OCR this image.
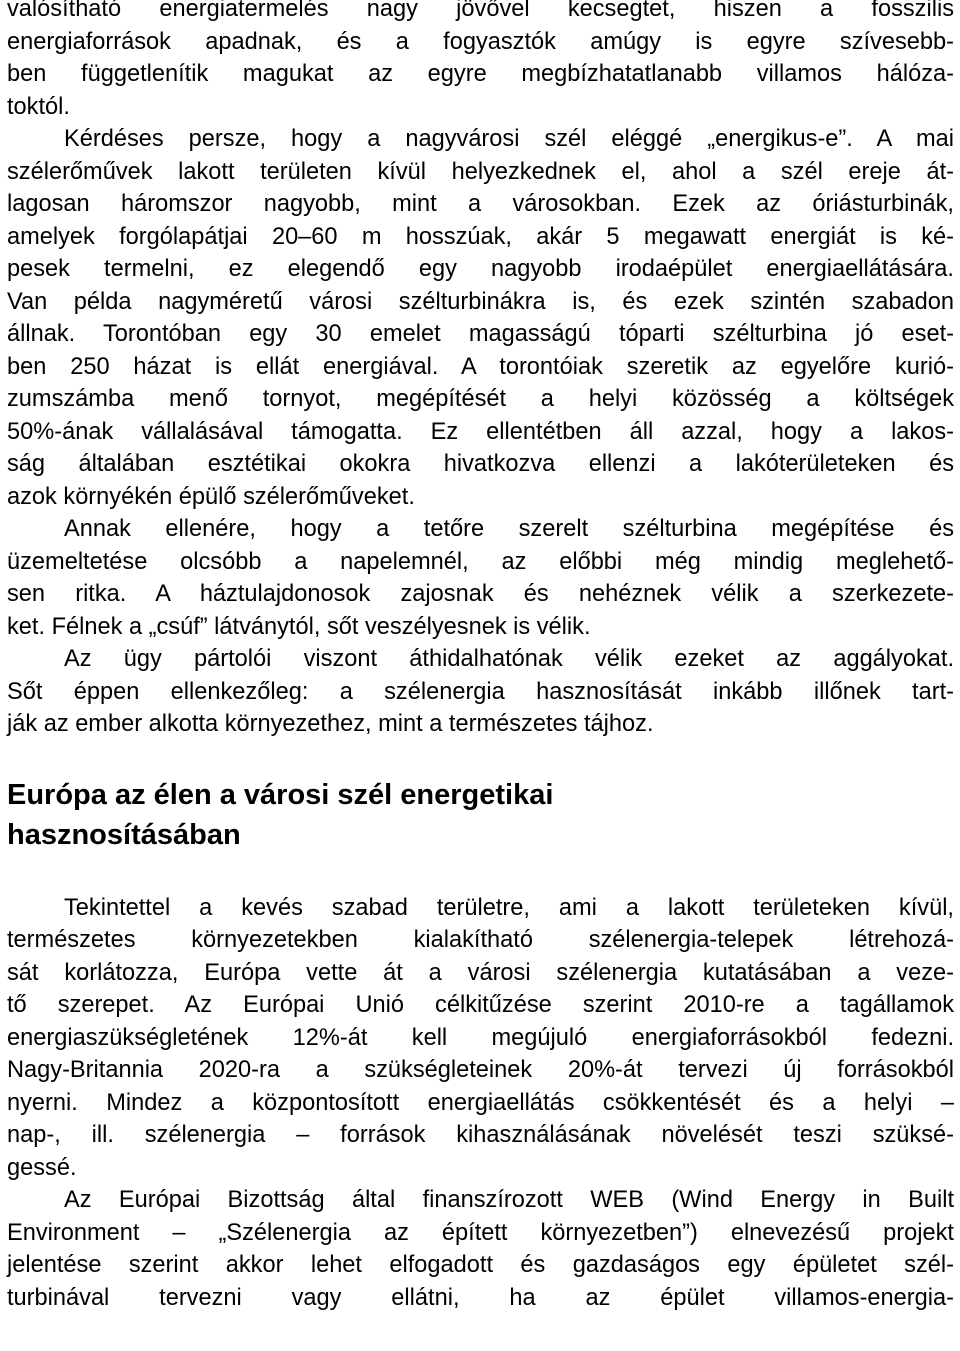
valósítható energiatermelés nagy jövővel kecsegtet, hiszen a fosszilis
energiaforrások apadnak, és a fogyasztók amúgy is egyre szívesebb-
ben függetlenítik magukat az egyre megbízhatatlanabb villamos hálóza-
toktól.
Kérdéses persze, hogy a nagyvárosi szél eléggé „energikus-e”. A mai
szélerőművek lakott területen kívül helyezkednek el, ahol a szél ereje át-
lagosan háromszor nagyobb, mint a városokban. Ezek az óriásturbinák,
amelyek forgólapátjai 20–60 m hosszúak, akár 5 megawatt energiát is ké-
pesek termelni, ez elegendő egy nagyobb irodaépület energiaellátására.
Van példa nagyméretű városi szélturbinákra is, és ezek szintén szabadon
állnak. Torontóban egy 30 emelet magasságú tóparti szélturbina jó eset-
ben 250 házat is ellát energiával. A torontóiak szeretik az egyelőre kurió-
zumszámba menő tornyot, megépítését a helyi közösség a költségek
50%-ának vállalásával támogatta. Ez ellentétben áll azzal, hogy a lakos-
ság általában esztétikai okokra hivatkozva ellenzi a lakóterületeken és
azok környékén épülő szélerőműveket.
Annak ellenére, hogy a tetőre szerelt szélturbina megépítése és
üzemeltetése olcsóbb a napelemnél, az előbbi még mindig meglehető-
sen ritka. A háztulajdonosok zajosnak és nehéznek vélik a szerkezete-
ket. Félnek a „csúf” látványtól, sőt veszélyesnek is vélik.
Az ügy pártolói viszont áthidalhatónak vélik ezeket az aggályokat.
Sőt éppen ellenkezőleg: a szélenergia hasznosítását inkább illőnek tart-
ják az ember alkotta környezethez, mint a természetes tájhoz.
Európa az élen a városi szél energetikai
hasznosításában
Tekintettel a kevés szabad területre, ami a lakott területeken kívül,
természetes környezetekben kialakítható szélenergia-telepek létrehozá-
sát korlátozza, Európa vette át a városi szélenergia kutatásában a veze-
tő szerepet. Az Európai Unió célkitűzése szerint 2010-re a tagállamok
energiaszükségletének 12%-át kell megújuló energiaforrásokból fedezni.
Nagy-Britannia 2020-ra a szükségleteinek 20%-át tervezi új forrásokból
nyerni. Mindez a központosított energiaellátás csökkentését és a helyi –
nap-, ill. szélenergia – források kihasználásának növelését teszi szüksé-
gessé.
Az Európai Bizottság által finanszírozott WEB (Wind Energy in Built
Environment – „Szélenergia az épített környezetben”) elnevezésű projekt
jelentése szerint akkor lehet elfogadott és gazdaságos egy épületet szél-
turbinával tervezni vagy ellátni, ha az épület villamos-energia-
